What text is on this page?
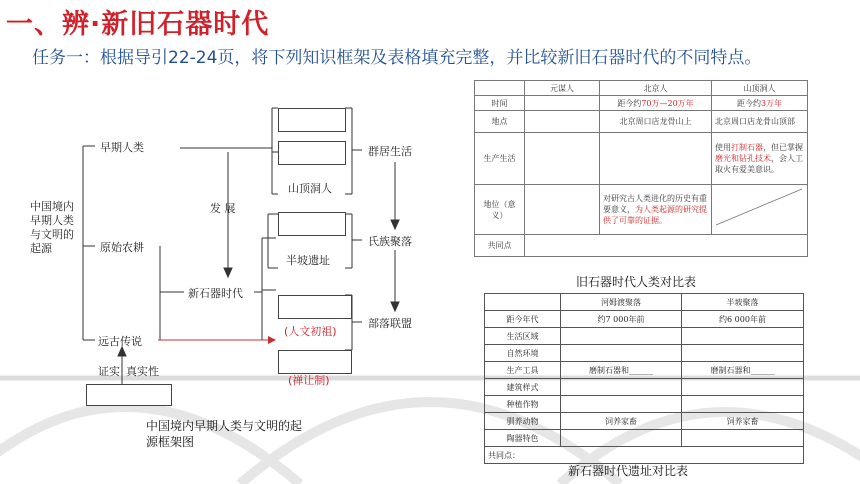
一、辨·新旧石器时代
任务一：根据导引22-24页，将下列知识框架及表格填充完整，并比较新旧石器时代的不同特点。
中国境内早期人类与文明的起源
早期人类
原始农耕
远古传说
发 展
新石器时代
山顶洞人
半坡遗址
(人文初祖)
(禅让制)
群居生活
氏族聚落
部落联盟
证实 真实性
中国境内早期人类与文明的起源框架图
	元谋人	北京人	山顶洞人
时间		距今约70万—20万年	距今约3万年
地点		北京周口店龙骨山上	北京周口店龙骨山顶部
生产生活			使用打制石器，但已掌握磨光和钻孔技术，会人工取火有爱美意识。
地位（意义）		对研究古人类进化的历史有重要意义，为人类起源的研究提供了可靠的证据。	

共同点			
旧石器时代人类对比表
	河姆渡聚落	半坡聚落
距今年代	约7 000年前	约6 000年前
生活区域		
自然环境		
生产工具	磨制石器和______	磨制石器和______
建筑样式		
种植作物		
驯养动物	饲养家畜	饲养家畜
陶器特色		
共同点：		
新石器时代遗址对比表
